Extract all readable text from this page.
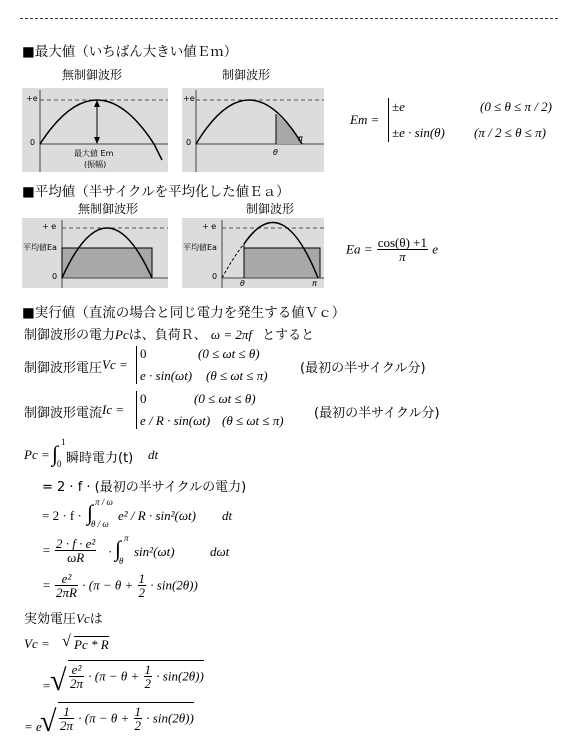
■最大値（いちばん大きい値Ｅｍ）
無制御波形	制御波形
+e
0
最大値 Em
(振幅)
+e
0	π
θ
Em =
±e	(0 ≤ θ ≤ π / 2)
±e · sin(θ) (π / 2 ≤ θ ≤ π)
■平均値（半サイクルを平均化した値Ｅａ）
無制御波形	制御波形
+ e
平均値Ea
0
+ e
平均値Ea
0
θ	π
$Ea = \frac{\cos(\theta) +1}{\pi}$ e
■実行値（直流の場合と同じ電力を発生する値Ｖｃ）
制御波形の電力Pcは、負荷Ｒ、 ω = 2πf とすると
制御波形電圧 Vc =
0	(0 ≤ ωt ≤ θ)
e · sin(ωt) (θ ≤ ωt ≤ π) (最初の半サイクル分)
制御波形電流 Ic =
0	(0 ≤ ωt ≤ θ)
e / R · sin(ωt) (θ ≤ ωt ≤ π) (最初の半サイクル分)
Pc = ∫ 1
0 瞬時電力(t) dt
= 2 · f · (最初の半サイクルの電力)
= 2 · f · ∫ π / ω
θ / ω
e² / R · sin²(ωt) dt
= $\frac{\text{2 · f · e²}}{\omega R}$ · ∫ π
θ
sin²(ωt)	dωt
= $\frac{\text{e²}}{2\pi R} \cdot (\pi - \theta + \frac{1}{2} \cdot \sin(2\theta))$
実効電圧Vcは
Vc = √ Pc * R
= √ $\frac{\text{e²}}{2\pi} \cdot (\pi - \theta + \frac{1}{2} \cdot \sin(2\theta))$
= e
√ $\frac{1}{2\pi} \cdot (\pi - \theta + \frac{1}{2} \cdot \sin(2\theta))$
